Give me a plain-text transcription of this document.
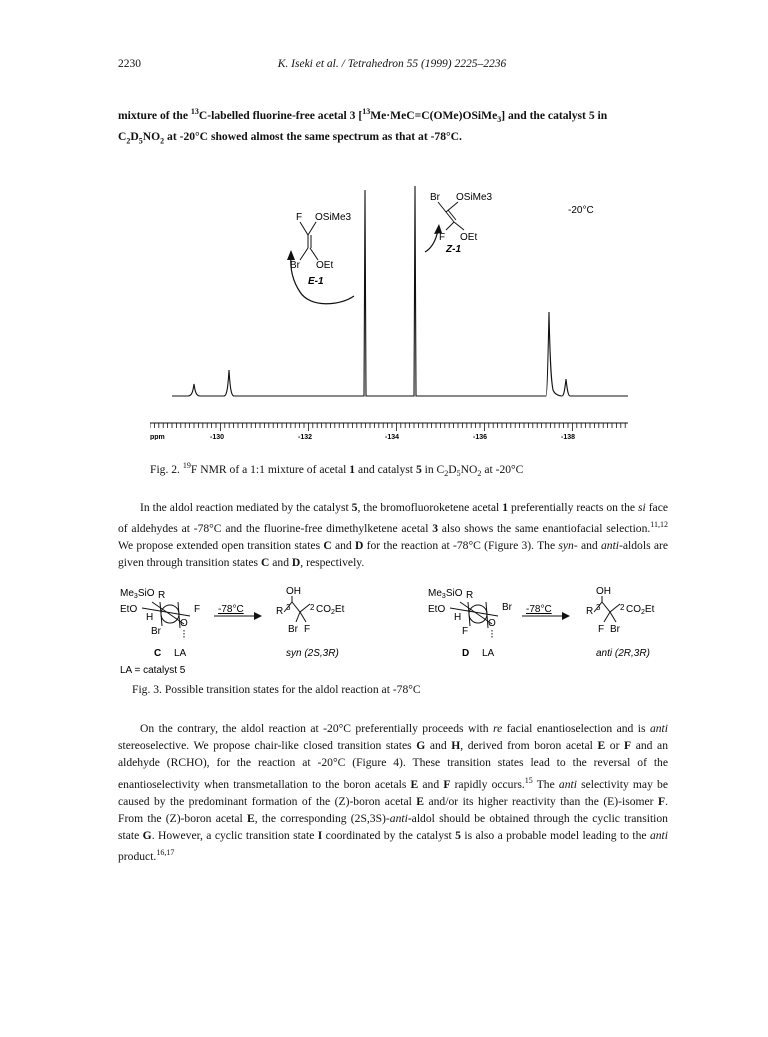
2230	K. Iseki et al. / Tetrahedron 55 (1999) 2225–2236
mixture of the $^{13}$C-labelled fluorine-free acetal 3 [$^{13}$Me·MeC=C(OMe)OSiMe$_3$] and the catalyst 5 in
$C_2D_5NO_2$ at -20°C showed almost the same spectrum as that at -78°C.
F OSiMe3
Br OEt
E-1
Br OSiMe3
F OEt
Z-1
-20°C
ppm	-130	-132	-134	-136	-138
Fig. 2. $^{19}$F NMR of a 1:1 mixture of acetal 1 and catalyst 5 in $C_2D_5NO_2$ at -20°C
In the aldol reaction mediated by the catalyst 5, the bromofluoroketene acetal 1 preferentially reacts on the si face of aldehydes at -78°C and the fluorine-free dimethylketene acetal 3 also shows the same enantiofacial selection.$^{11,12}$ We propose extended open transition states C and D for the reaction at -78°C (Figure 3). The syn- and anti-aldols are given through transition states C and D, respectively.
$Me_3SiO$ R
EtO
H
F
Br
O
C LA
-78°C
OH
R 3 2 $CO_2Et$
Br F
syn (2S,3R)
$Me_3SiO$ R
EtO
H
Br
F
O
D LA
-78°C
OH
R 3 2 $CO_2Et$
F Br
anti (2R,3R)
LA = catalyst 5
Fig. 3. Possible transition states for the aldol reaction at -78°C
On the contrary, the aldol reaction at -20°C preferentially proceeds with re facial enantioselection and is anti stereoselective. We propose chair-like closed transition states G and H, derived from boron acetal E or F and an aldehyde (RCHO), for the reaction at -20°C (Figure 4). These transition states lead to the reversal of the enantioselectivity when transmetallation to the boron acetals E and F rapidly occurs.$^{15}$ The anti selectivity may be caused by the predominant formation of the (Z)-boron acetal E and/or its higher reactivity than the (E)-isomer F. From the (Z)-boron acetal E, the corresponding (2S,3S)-anti-aldol should be obtained through the cyclic transition state G. However, a cyclic transition state I coordinated by the catalyst 5 is also a probable model leading to the anti product.$^{16,17}$
